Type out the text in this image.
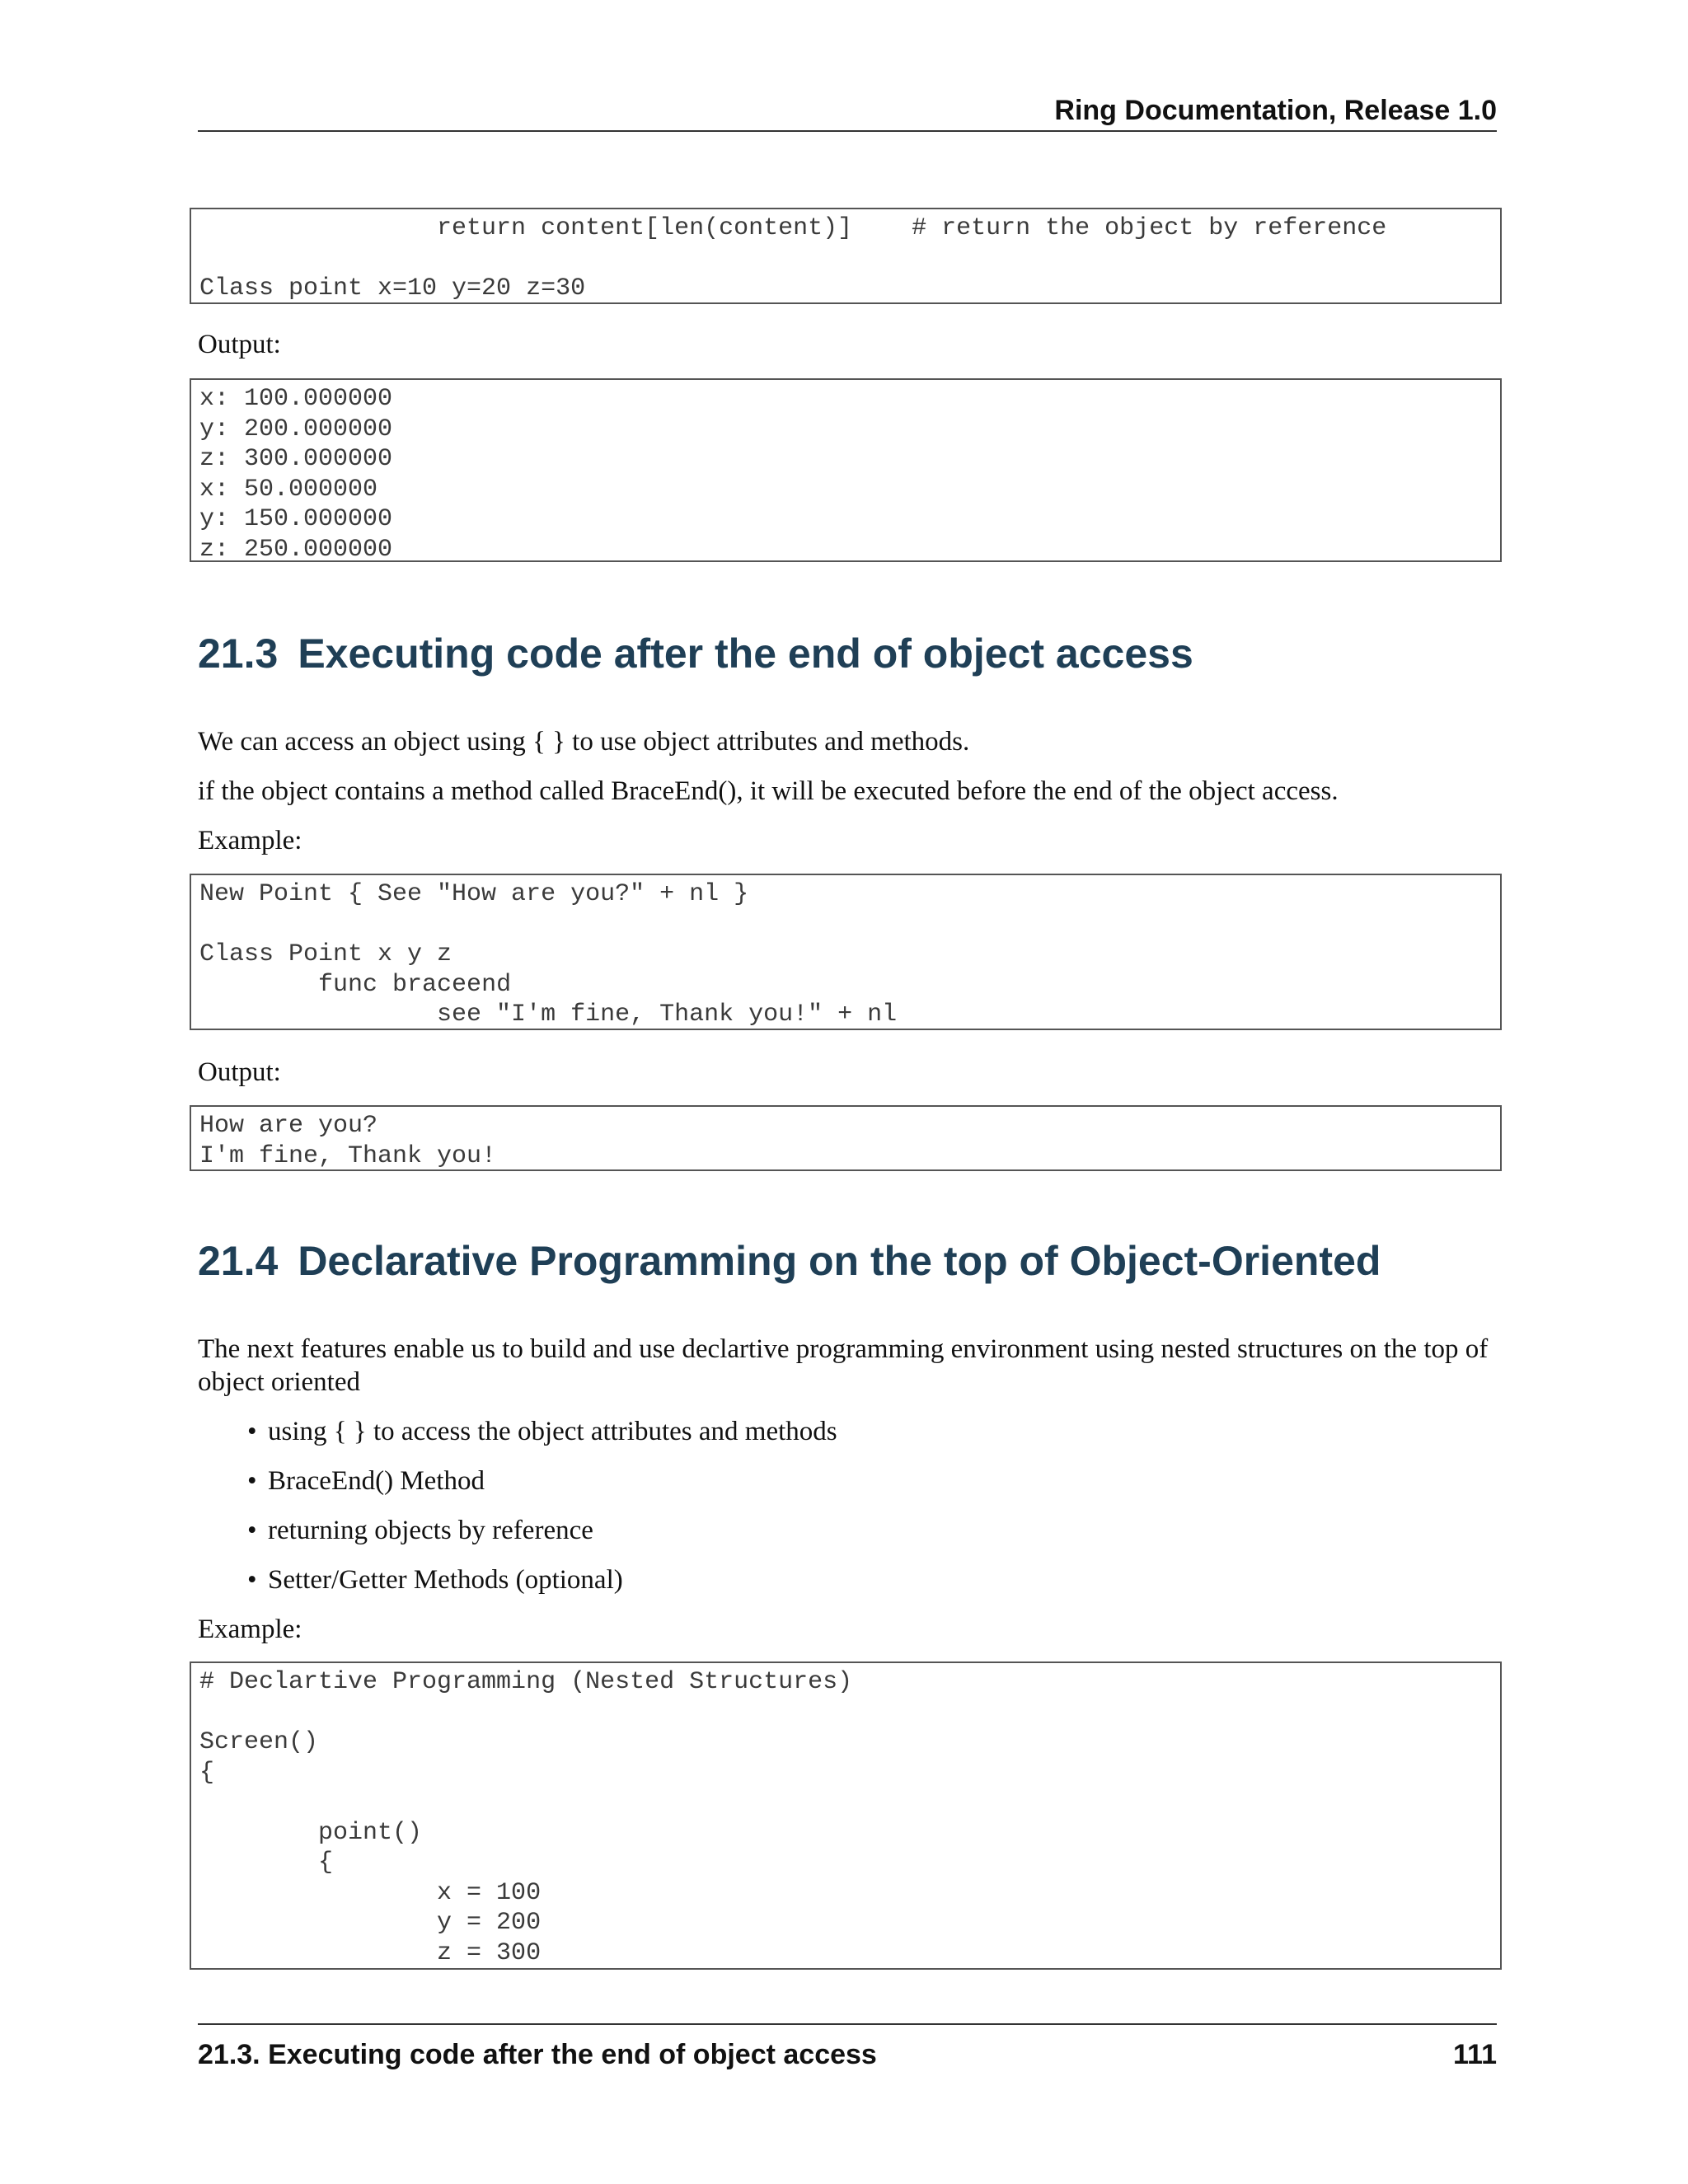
Ring Documentation, Release 1.0
		return content[len(content)]	# return the object by reference

Class point x=10 y=20 z=30

Output:

x: 100.000000
y: 200.000000
z: 300.000000
x: 50.000000
y: 150.000000
z: 250.000000
21.3 Executing code after the end of object access

We can access an object using { } to use object attributes and methods.

if the object contains a method called BraceEnd(), it will be executed before the end of the object access.

Example:

New Point { See "How are you?" + nl }

Class Point x y z
	func braceend
		see "I'm fine, Thank you!" + nl

Output:

How are you?
I'm fine, Thank you!
21.4 Declarative Programming on the top of Object-Oriented

The next features enable us to build and use declartive programming environment using nested structures on the top of object oriented

• using { } to access the object attributes and methods
• BraceEnd() Method
• returning objects by reference
• Setter/Getter Methods (optional)

Example:

# Declartive Programming (Nested Structures)

Screen()
{

	point()
	{
		x = 100
		y = 200
		z = 300
21.3. Executing code after the end of object access	111
